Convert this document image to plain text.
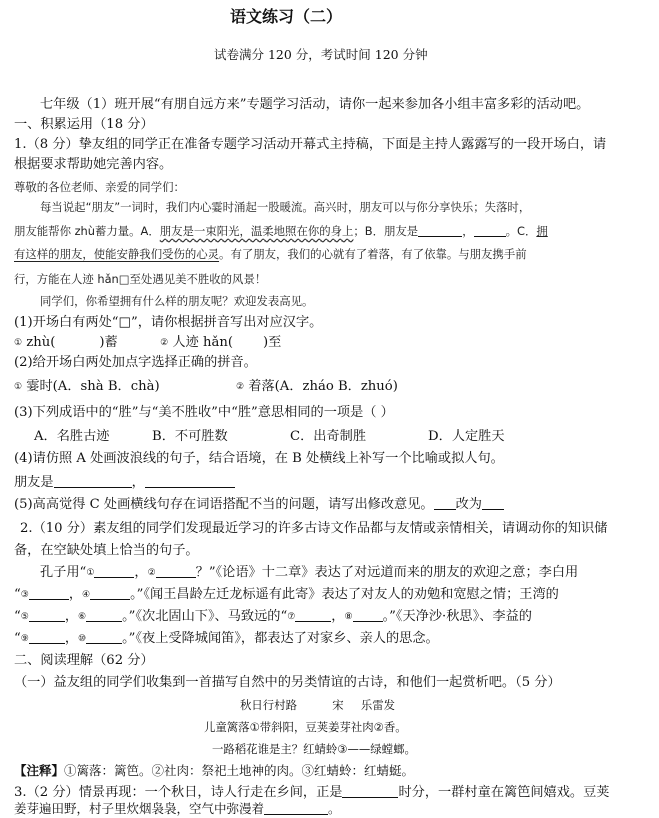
语文练习（二）
试卷满分 120 分，考试时间 120 分钟
七年级（1）班开展“有朋自远方来”专题学习活动，请你一起来参加各小组丰富多彩的活动吧。
一、积累运用（18 分）
1.（8 分）挚友组的同学正在准备专题学习活动开幕式主持稿，下面是主持人露露写的一段开场白，请
根据要求帮助她完善内容。
尊敬的各位老师、亲爱的同学们：
每当说起“朋友”一词时，我们内心霎时涌起一股暖流。高兴时，朋友可以与你分享快乐；失落时，
朋友能帮你 zhù蓄力量。A．朋友是一束阳光，温柔地照在你的身上；B．朋友是	，	。C．拥
有这样的朋友，使能安静我们受伤的心灵。有了朋友，我们的心就有了着落，有了依靠。与朋友携手前
行，方能在人迹 hǎn□至处遇见美不胜收的风景！
同学们，你希望拥有什么样的朋友呢？欢迎发表高见。
(1)开场白有两处“□”，请你根据拼音写出对应汉字。
① zhù(	)蓄	② 人迹 hǎn( )至
(2)给开场白两处加点字选择正确的拼音。
① 霎时(A．shà B．chà)	② 着落(A．zháo B．zhuó)
(3)下列成语中的“胜”与“美不胜收”中“胜”意思相同的一项是（ ）
A．名胜古迹	B．不可胜数	C．出奇制胜	D．人定胜天
(4)请仿照 A 处画波浪线的句子，结合语境，在 B 处横线上补写一个比喻或拟人句。
朋友是	，
(5)高高觉得 C 处画横线句存在词语搭配不当的问题，请写出修改意见。 改为
2.（10 分）素友组的同学们发现最近学习的许多古诗文作品都与友情或亲情相关，请调动你的知识储
备，在空缺处填上恰当的句子。
孔子用“①	，②	？”《论语》十二章》表达了对远道而来的朋友的欢迎之意；李白用
“③	，④	。”《闻王昌龄左迁龙标遥有此寄》表达了对友人的劝勉和宽慰之情；王湾的
“⑤	，⑥	。”《次北固山下》、马致远的“⑦	，⑧ 。”《天净沙·秋思》、李益的
“⑨	，⑩	。”《夜上受降城闻笛》，都表达了对家乡、亲人的思念。
二、阅读理解（62 分）
（一）益友组的同学们收集到一首描写自然中的另类情谊的古诗，和他们一起赏析吧。（5 分）
秋日行村路	宋 乐雷发
儿童篱落①带斜阳，豆荚姜芽社肉②香。
一路稻花谁是主？红蜻蛉③——绿螳螂。
【注释】①篱落：篱笆。②社肉：祭祀土地神的肉。③红蜻蛉：红蜻蜓。
3.（2 分）情景再现：一个秋日，诗人行走在乡间，正是	时分，一群村童在篱笆间嬉戏。豆荚
姜芽遍田野，村子里炊烟袅袅，空气中弥漫着	。
